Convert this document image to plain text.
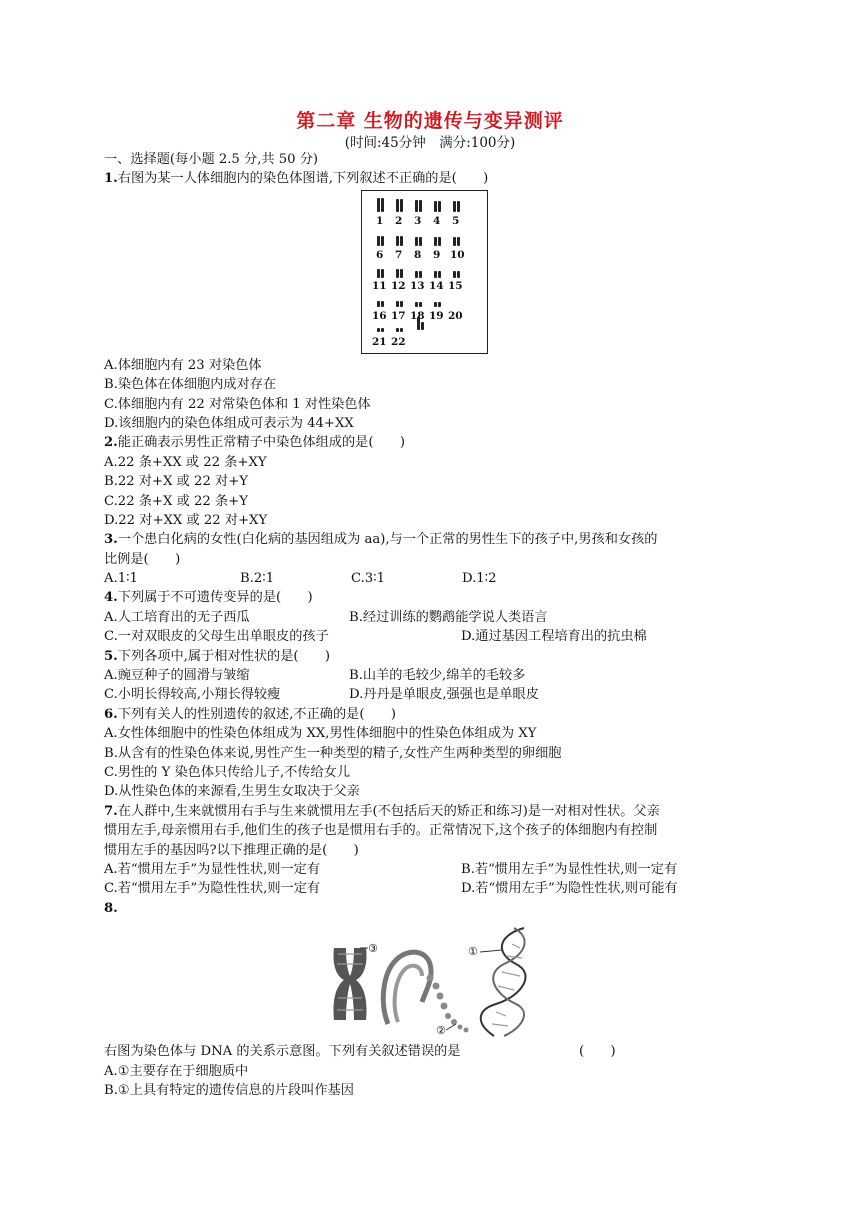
第二章 生物的遗传与变异测评
(时间:45分钟　满分:100分)
一、选择题(每小题 2.5 分,共 50 分)
1.右图为某一人体细胞内的染色体图谱,下列叙述不正确的是(　　)
1 2 3 4 5
6 7 8 9 10
11 12 13 14 15
16 17 18 19 20
21 22
A.体细胞内有 23 对染色体
B.染色体在体细胞内成对存在
C.体细胞内有 22 对常染色体和 1 对性染色体
D.该细胞内的染色体组成可表示为 44+XX
2.能正确表示男性正常精子中染色体组成的是(　　)
A.22 条+XX 或 22 条+XY
B.22 对+X 或 22 对+Y
C.22 条+X 或 22 条+Y
D.22 对+XX 或 22 对+XY
3.一个患白化病的女性(白化病的基因组成为 aa),与一个正常的男性生下的孩子中,男孩和女孩的
比例是(　　)
A.1∶1	B.2∶1	C.3∶1	D.1∶2
4.下列属于不可遗传变异的是(　　)
A.人工培育出的无子西瓜	B.经过训练的鹦鹉能学说人类语言
C.一对双眼皮的父母生出单眼皮的孩子	D.通过基因工程培育出的抗虫棉
5.下列各项中,属于相对性状的是(　　)
A.豌豆种子的圆滑与皱缩	B.山羊的毛较少,绵羊的毛较多
C.小明长得较高,小翔长得较瘦	D.丹丹是单眼皮,强强也是单眼皮
6.下列有关人的性别遗传的叙述,不正确的是(　　)
A.女性体细胞中的性染色体组成为 XX,男性体细胞中的性染色体组成为 XY
B.从含有的性染色体来说,男性产生一种类型的精子,女性产生两种类型的卵细胞
C.男性的 Y 染色体只传给儿子,不传给女儿
D.从性染色体的来源看,生男生女取决于父亲
7.在人群中,生来就惯用右手与生来就惯用左手(不包括后天的矫正和练习)是一对相对性状。父亲
惯用左手,母亲惯用右手,他们生的孩子也是惯用右手的。正常情况下,这个孩子的体细胞内有控制
惯用左手的基因吗?以下推理正确的是(　　)
A.若“惯用左手”为显性性状,则一定有	B.若“惯用左手”为显性性状,则一定有
C.若“惯用左手”为隐性性状,则一定有	D.若“惯用左手”为隐性性状,则可能有
8.
①
②
③
右图为染色体与 DNA 的关系示意图。下列有关叙述错误的是	(　　)
A.①主要存在于细胞质中
B.①上具有特定的遗传信息的片段叫作基因
